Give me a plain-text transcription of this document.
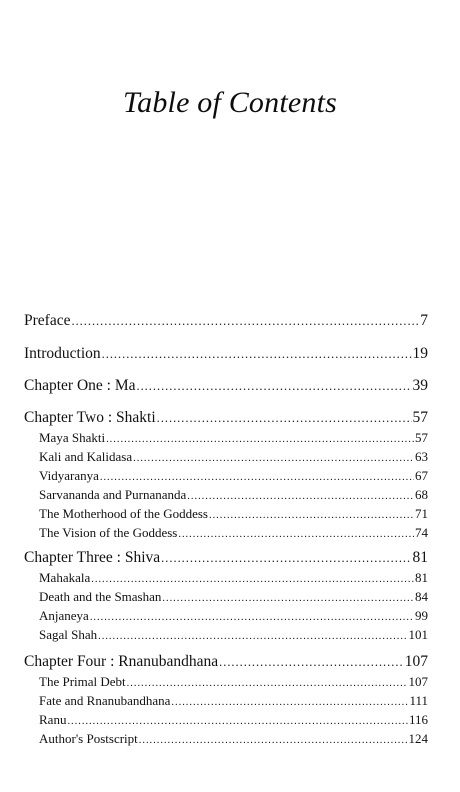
Table of Contents
Preface .....	7
Introduction .....	19
Chapter One : Ma .....	39
Chapter Two : Shakti .....	57
Maya Shakti .....	57
Kali and Kalidasa .....	63
Vidyaranya .....	67
Sarvananda and Purnananda .....	68
The Motherhood of the Goddess .....	71
The Vision of the Goddess .....	74
Chapter Three : Shiva .....	81
Mahakala .....	81
Death and the Smashan .....	84
Anjaneya .....	99
Sagal Shah .....	101
Chapter Four : Rnanubandhana .....	107
The Primal Debt .....	107
Fate and Rnanubandhana .....	111
Ranu .....	116
Author's Postscript .....	124
